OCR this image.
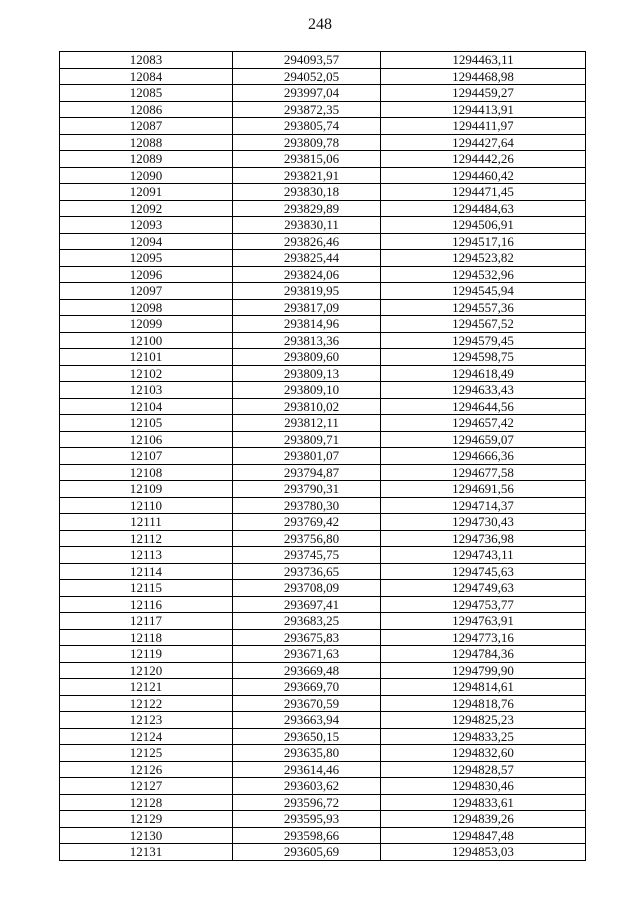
248
12083	294093,57	1294463,11
12084	294052,05	1294468,98
12085	293997,04	1294459,27
12086	293872,35	1294413,91
12087	293805,74	1294411,97
12088	293809,78	1294427,64
12089	293815,06	1294442,26
12090	293821,91	1294460,42
12091	293830,18	1294471,45
12092	293829,89	1294484,63
12093	293830,11	1294506,91
12094	293826,46	1294517,16
12095	293825,44	1294523,82
12096	293824,06	1294532,96
12097	293819,95	1294545,94
12098	293817,09	1294557,36
12099	293814,96	1294567,52
12100	293813,36	1294579,45
12101	293809,60	1294598,75
12102	293809,13	1294618,49
12103	293809,10	1294633,43
12104	293810,02	1294644,56
12105	293812,11	1294657,42
12106	293809,71	1294659,07
12107	293801,07	1294666,36
12108	293794,87	1294677,58
12109	293790,31	1294691,56
12110	293780,30	1294714,37
12111	293769,42	1294730,43
12112	293756,80	1294736,98
12113	293745,75	1294743,11
12114	293736,65	1294745,63
12115	293708,09	1294749,63
12116	293697,41	1294753,77
12117	293683,25	1294763,91
12118	293675,83	1294773,16
12119	293671,63	1294784,36
12120	293669,48	1294799,90
12121	293669,70	1294814,61
12122	293670,59	1294818,76
12123	293663,94	1294825,23
12124	293650,15	1294833,25
12125	293635,80	1294832,60
12126	293614,46	1294828,57
12127	293603,62	1294830,46
12128	293596,72	1294833,61
12129	293595,93	1294839,26
12130	293598,66	1294847,48
12131	293605,69	1294853,03
